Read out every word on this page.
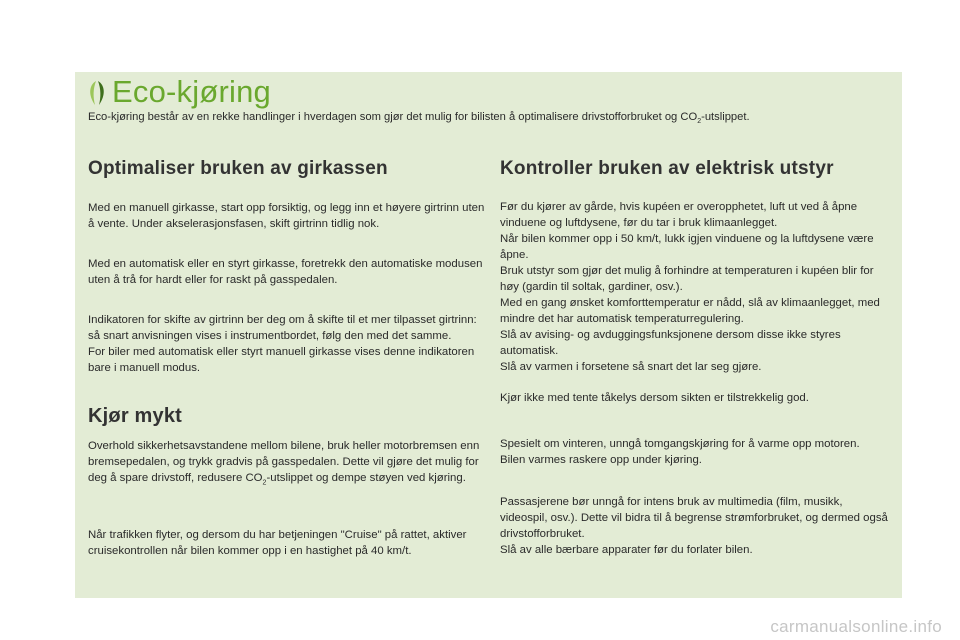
Eco-kjøring

Eco-kjøring består av en rekke handlinger i hverdagen som gjør det mulig for bilisten å optimalisere drivstofforbruket og $CO_2$-utslippet.

Optimaliser bruken av girkassen

Med en manuell girkasse, start opp forsiktig, og legg inn et høyere girtrinn uten å vente. Under akselerasjonsfasen, skift girtrinn tidlig nok.

Med en automatisk eller en styrt girkasse, foretrekk den automatiske modusen uten å trå for hardt eller for raskt på gasspedalen.

Indikatoren for skifte av girtrinn ber deg om å skifte til et mer tilpasset girtrinn: så snart anvisningen vises i instrumentbordet, følg den med det samme.
For biler med automatisk eller styrt manuell girkasse vises denne indikatoren bare i manuell modus.
Kjør mykt

Overhold sikkerhetsavstandene mellom bilene, bruk heller motorbremsen enn bremsepedalen, og trykk gradvis på gasspedalen. Dette vil gjøre det mulig for deg å spare drivstoff, redusere $CO_2$-utslippet og dempe støyen ved kjøring.

Når trafikken flyter, og dersom du har betjeningen "Cruise" på rattet, aktiver cruisekontrollen når bilen kommer opp i en hastighet på 40 km/t.

Kontroller bruken av elektrisk utstyr
Før du kjører av gårde, hvis kupéen er overopphetet, luft ut ved å åpne vinduene og luftdysene, før du tar i bruk klimaanlegget.
Når bilen kommer opp i 50 km/t, lukk igjen vinduene og la luftdysene være åpne.
Bruk utstyr som gjør det mulig å forhindre at temperaturen i kupéen blir for høy (gardin til soltak, gardiner, osv.).
Med en gang ønsket komforttemperatur er nådd, slå av klimaanlegget, med mindre det har automatisk temperaturregulering.
Slå av avising- og avduggingsfunksjonene dersom disse ikke styres automatisk.
Slå av varmen i forsetene så snart det lar seg gjøre.

Kjør ikke med tente tåkelys dersom sikten er tilstrekkelig god.

Spesielt om vinteren, unngå tomgangskjøring for å varme opp motoren.
Bilen varmes raskere opp under kjøring.
Passasjerene bør unngå for intens bruk av multimedia (film, musikk, videospil, osv.). Dette vil bidra til å begrense strømforbruket, og dermed også drivstofforbruket.
Slå av alle bærbare apparater før du forlater bilen.
carmanualsonline.info
